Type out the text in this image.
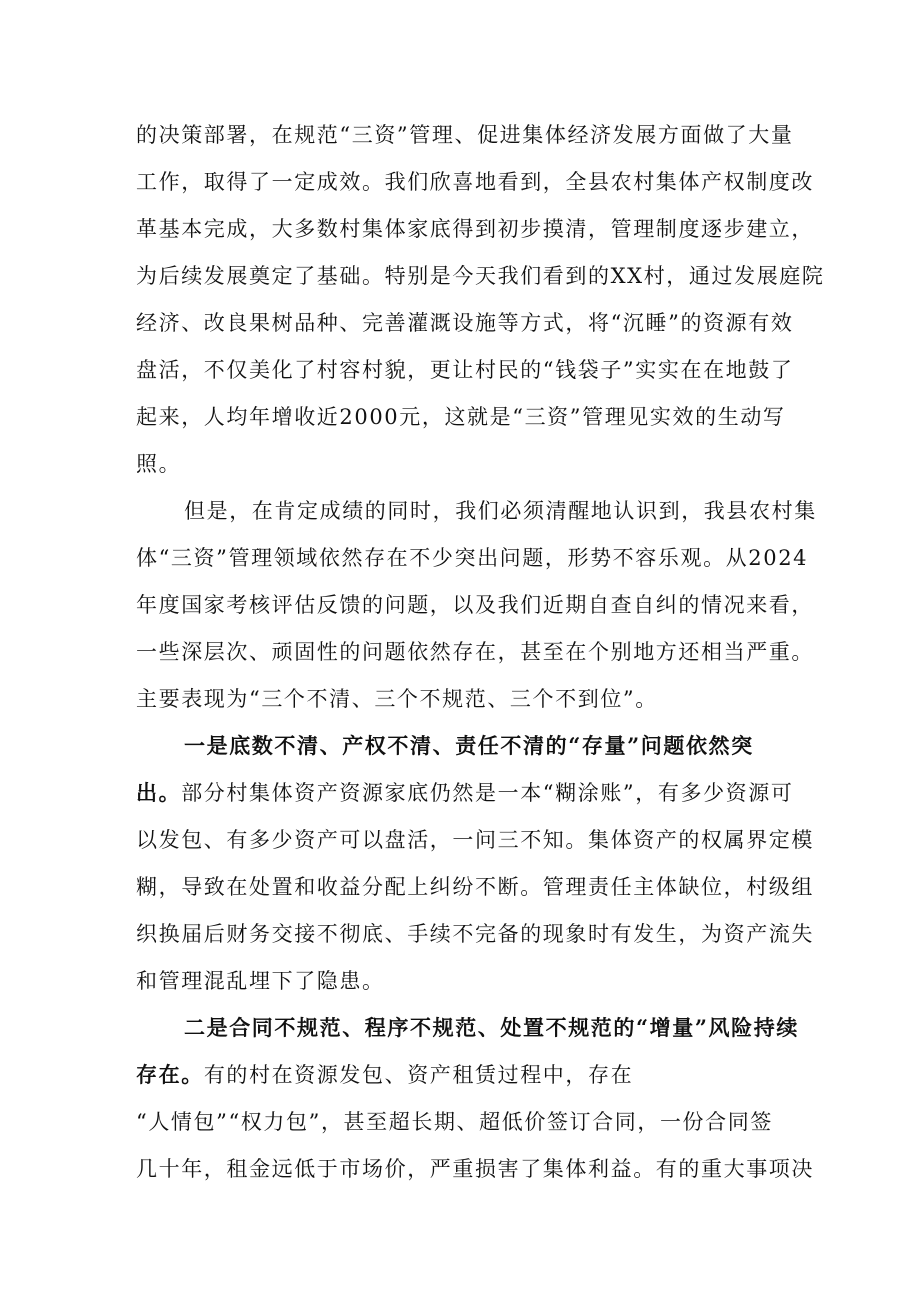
的决策部署，在规范“三资”管理、促进集体经济发展方面做了大量
工作，取得了一定成效。我们欣喜地看到，全县农村集体产权制度改
革基本完成，大多数村集体家底得到初步摸清，管理制度逐步建立，
为后续发展奠定了基础。特别是今天我们看到的XX村，通过发展庭院
经济、改良果树品种、完善灌溉设施等方式，将“沉睡”的资源有效
盘活，不仅美化了村容村貌，更让村民的“钱袋子”实实在在地鼓了
起来，人均年增收近2000元，这就是“三资”管理见实效的生动写
照。
但是，在肯定成绩的同时，我们必须清醒地认识到，我县农村集
体“三资”管理领域依然存在不少突出问题，形势不容乐观。从2024
年度国家考核评估反馈的问题，以及我们近期自查自纠的情况来看，
一些深层次、顽固性的问题依然存在，甚至在个别地方还相当严重。
主要表现为“三个不清、三个不规范、三个不到位”。
一是底数不清、产权不清、责任不清的“存量”问题依然突
出。部分村集体资产资源家底仍然是一本“糊涂账”，有多少资源可
以发包、有多少资产可以盘活，一问三不知。集体资产的权属界定模
糊，导致在处置和收益分配上纠纷不断。管理责任主体缺位，村级组
织换届后财务交接不彻底、手续不完备的现象时有发生，为资产流失
和管理混乱埋下了隐患。
二是合同不规范、程序不规范、处置不规范的“增量”风险持续
存在。有的村在资源发包、资产租赁过程中，存在
“人情包”“权力包”，甚至超长期、超低价签订合同，一份合同签
几十年，租金远低于市场价，严重损害了集体利益。有的重大事项决
